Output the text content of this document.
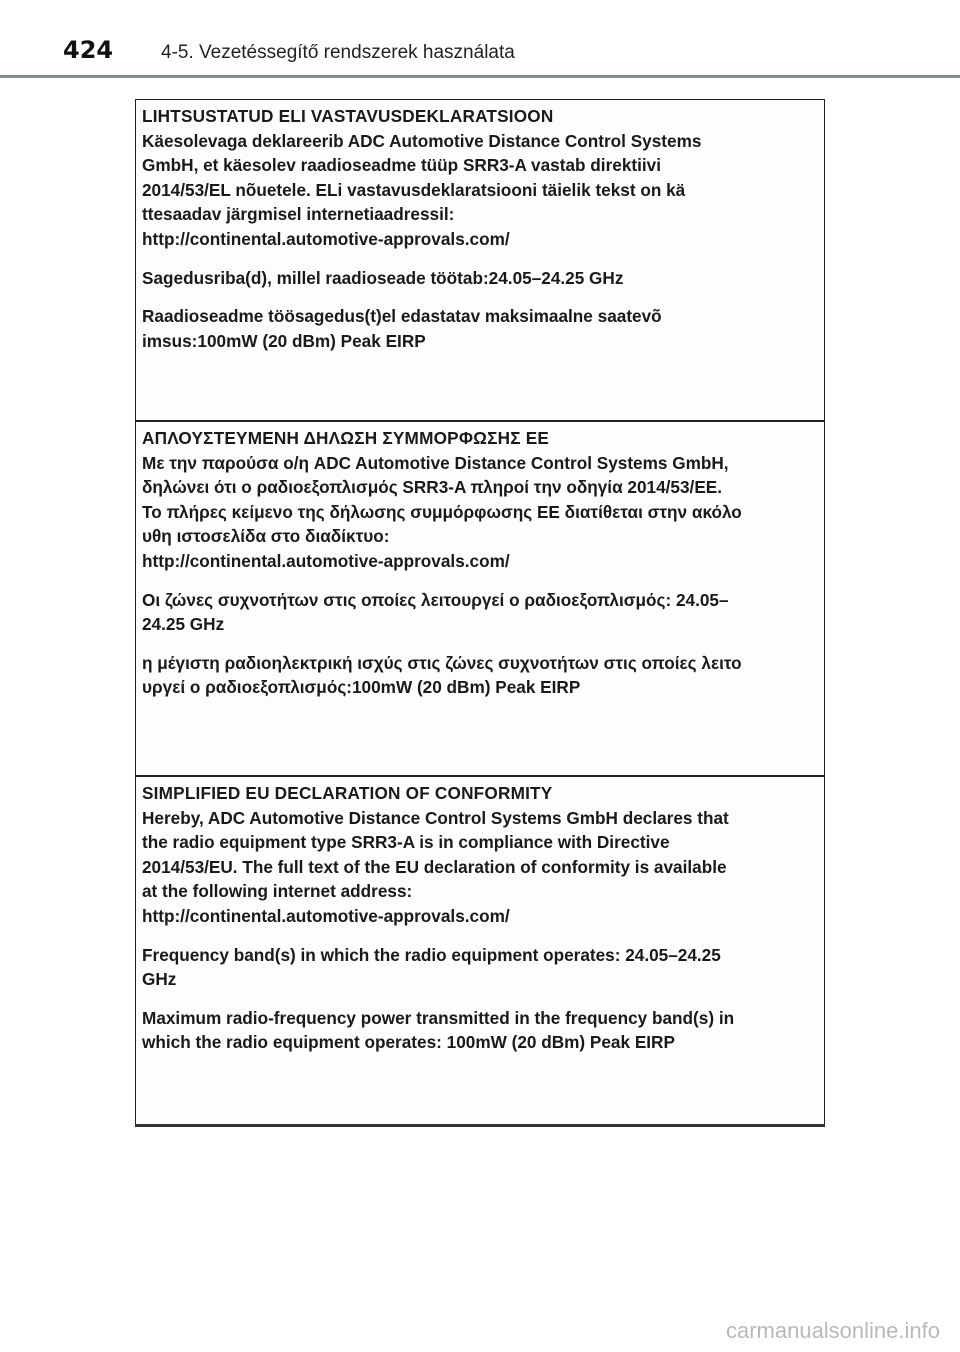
424	4-5. Vezetéssegítő rendszerek használata
LIHTSUSTATUD ELI VASTAVUSDEKLARATSIOON
Käesolevaga deklareerib ADC Automotive Distance Control Systems
GmbH, et käesolev raadioseadme tüüp SRR3-A vastab direktiivi
2014/53/EL nõuetele. ELi vastavusdeklaratsiooni täielik tekst on kä
ttesaadav järgmisel internetiaadressil:
http://continental.automotive-approvals.com/
Sagedusriba(d), millel raadioseade töötab:24.05–24.25 GHz
Raadioseadme töösagedus(t)el edastatav maksimaalne saatevõ
imsus:100mW (20 dBm) Peak EIRP
ΑΠΛΟΥΣΤΕΥΜΕΝΗ ΔΗΛΩΣΗ ΣΥΜΜΟΡΦΩΣΗΣ ΕΕ
Με την παρούσα ο/η ADC Automotive Distance Control Systems GmbH,
δηλώνει ότι ο ραδιοεξοπλισμός SRR3-A πληροί την οδηγία 2014/53/ΕΕ.
Το πλήρες κείμενο της δήλωσης συμμόρφωσης ΕΕ διατίθεται στην ακόλο
υθη ιστοσελίδα στο διαδίκτυο:
http://continental.automotive-approvals.com/
Οι ζώνες συχνοτήτων στις οποίες λειτουργεί ο ραδιοεξοπλισμός: 24.05–
24.25 GHz
η μέγιστη ραδιοηλεκτρική ισχύς στις ζώνες συχνοτήτων στις οποίες λειτο
υργεί ο ραδιοεξοπλισμός:100mW (20 dBm) Peak EIRP
SIMPLIFIED EU DECLARATION OF CONFORMITY
Hereby, ADC Automotive Distance Control Systems GmbH declares that
the radio equipment type SRR3-A is in compliance with Directive
2014/53/EU. The full text of the EU declaration of conformity is available
at the following internet address:
http://continental.automotive-approvals.com/
Frequency band(s) in which the radio equipment operates: 24.05–24.25
GHz
Maximum radio-frequency power transmitted in the frequency band(s) in
which the radio equipment operates: 100mW (20 dBm) Peak EIRP
carmanualsonline.info
